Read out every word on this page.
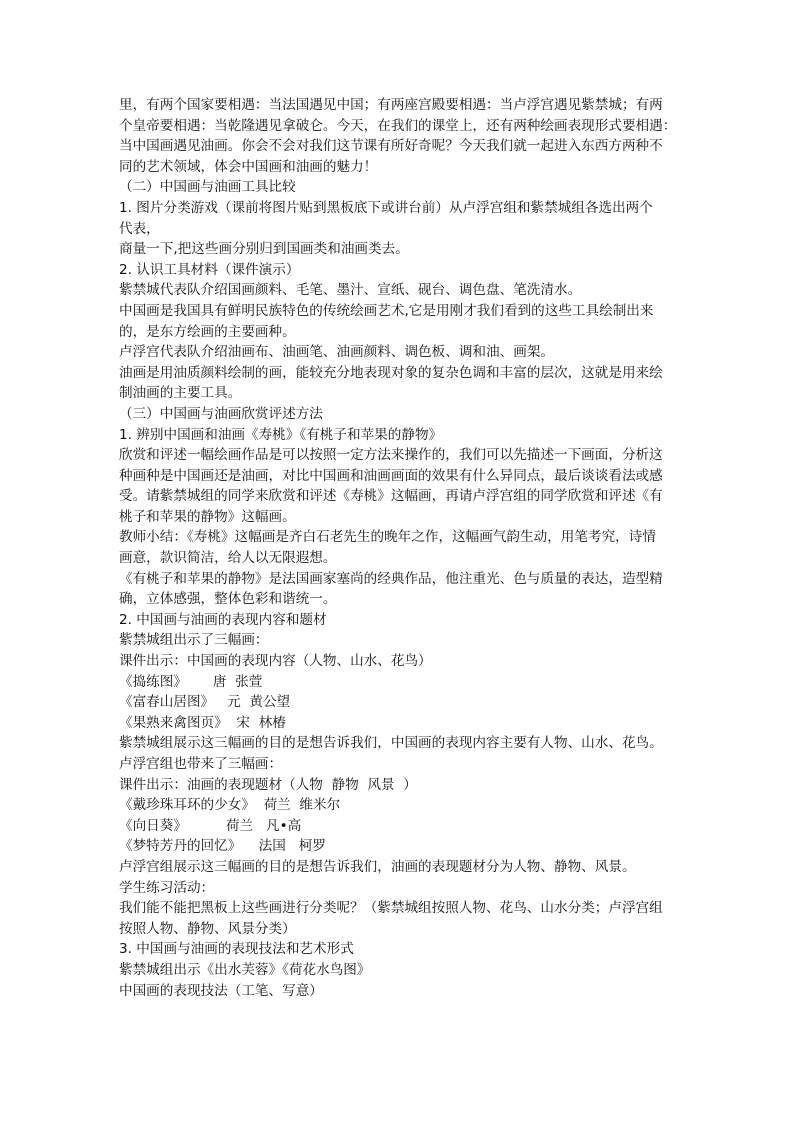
里，有两个国家要相遇：当法国遇见中国；有两座宫殿要相遇：当卢浮宫遇见紫禁城；有两
个皇帝要相遇：当乾隆遇见拿破仑。今天，在我们的课堂上，还有两种绘画表现形式要相遇：
当中国画遇见油画。你会不会对我们这节课有所好奇呢？今天我们就一起进入东西方两种不
同的艺术领域，体会中国画和油画的魅力！
（二）中国画与油画工具比较
1. 图片分类游戏（课前将图片贴到黑板底下或讲台前）从卢浮宫组和紫禁城组各选出两个
代表，
商量一下,把这些画分别归到国画类和油画类去。
2. 认识工具材料（课件演示）
紫禁城代表队介绍国画颜料、毛笔、墨汁、宣纸、砚台、调色盘、笔洗清水。
中国画是我国具有鲜明民族特色的传统绘画艺术,它是用刚才我们看到的这些工具绘制出来
的，是东方绘画的主要画种。
卢浮宫代表队介绍油画布、油画笔、油画颜料、调色板、调和油、画架。
油画是用油质颜料绘制的画，能较充分地表现对象的复杂色调和丰富的层次，这就是用来绘
制油画的主要工具。
（三）中国画与油画欣赏评述方法
1. 辨别中国画和油画《寿桃》《有桃子和苹果的静物》
欣赏和评述一幅绘画作品是可以按照一定方法来操作的，我们可以先描述一下画面，分析这
种画种是中国画还是油画，对比中国画和油画画面的效果有什么异同点，最后谈谈看法或感
受。请紫禁城组的同学来欣赏和评述《寿桃》这幅画，再请卢浮宫组的同学欣赏和评述《有
桃子和苹果的静物》这幅画。
教师小结：《寿桃》这幅画是齐白石老先生的晚年之作，这幅画气韵生动，用笔考究，诗情
画意，款识简洁，给人以无限遐想。
《有桃子和苹果的静物》是法国画家塞尚的经典作品，他注重光、色与质量的表达，造型精
确，立体感强，整体色彩和谐统一。
2. 中国画与油画的表现内容和题材
紫禁城组出示了三幅画：
课件出示：中国画的表现内容（人物、山水、花鸟）
《捣练图》      唐  张萱
《富春山居图》   元  黄公望
《果熟来禽图页》  宋  林椿
紫禁城组展示这三幅画的目的是想告诉我们，中国画的表现内容主要有人物、山水、花鸟。
卢浮宫组也带来了三幅画：
课件出示：油画的表现题材（人物  静物  风景  ）
《戴珍珠耳环的少女》  荷兰  维米尔
《向日葵》         荷兰   凡•高
《梦特芳丹的回忆》    法国   柯罗
卢浮宫组展示这三幅画的目的是想告诉我们，油画的表现题材分为人物、静物、风景。
学生练习活动：
我们能不能把黑板上这些画进行分类呢？（紫禁城组按照人物、花鸟、山水分类；卢浮宫组
按照人物、静物、风景分类）
3. 中国画与油画的表现技法和艺术形式
紫禁城组出示《出水芙蓉》《荷花水鸟图》
中国画的表现技法（工笔、写意）
